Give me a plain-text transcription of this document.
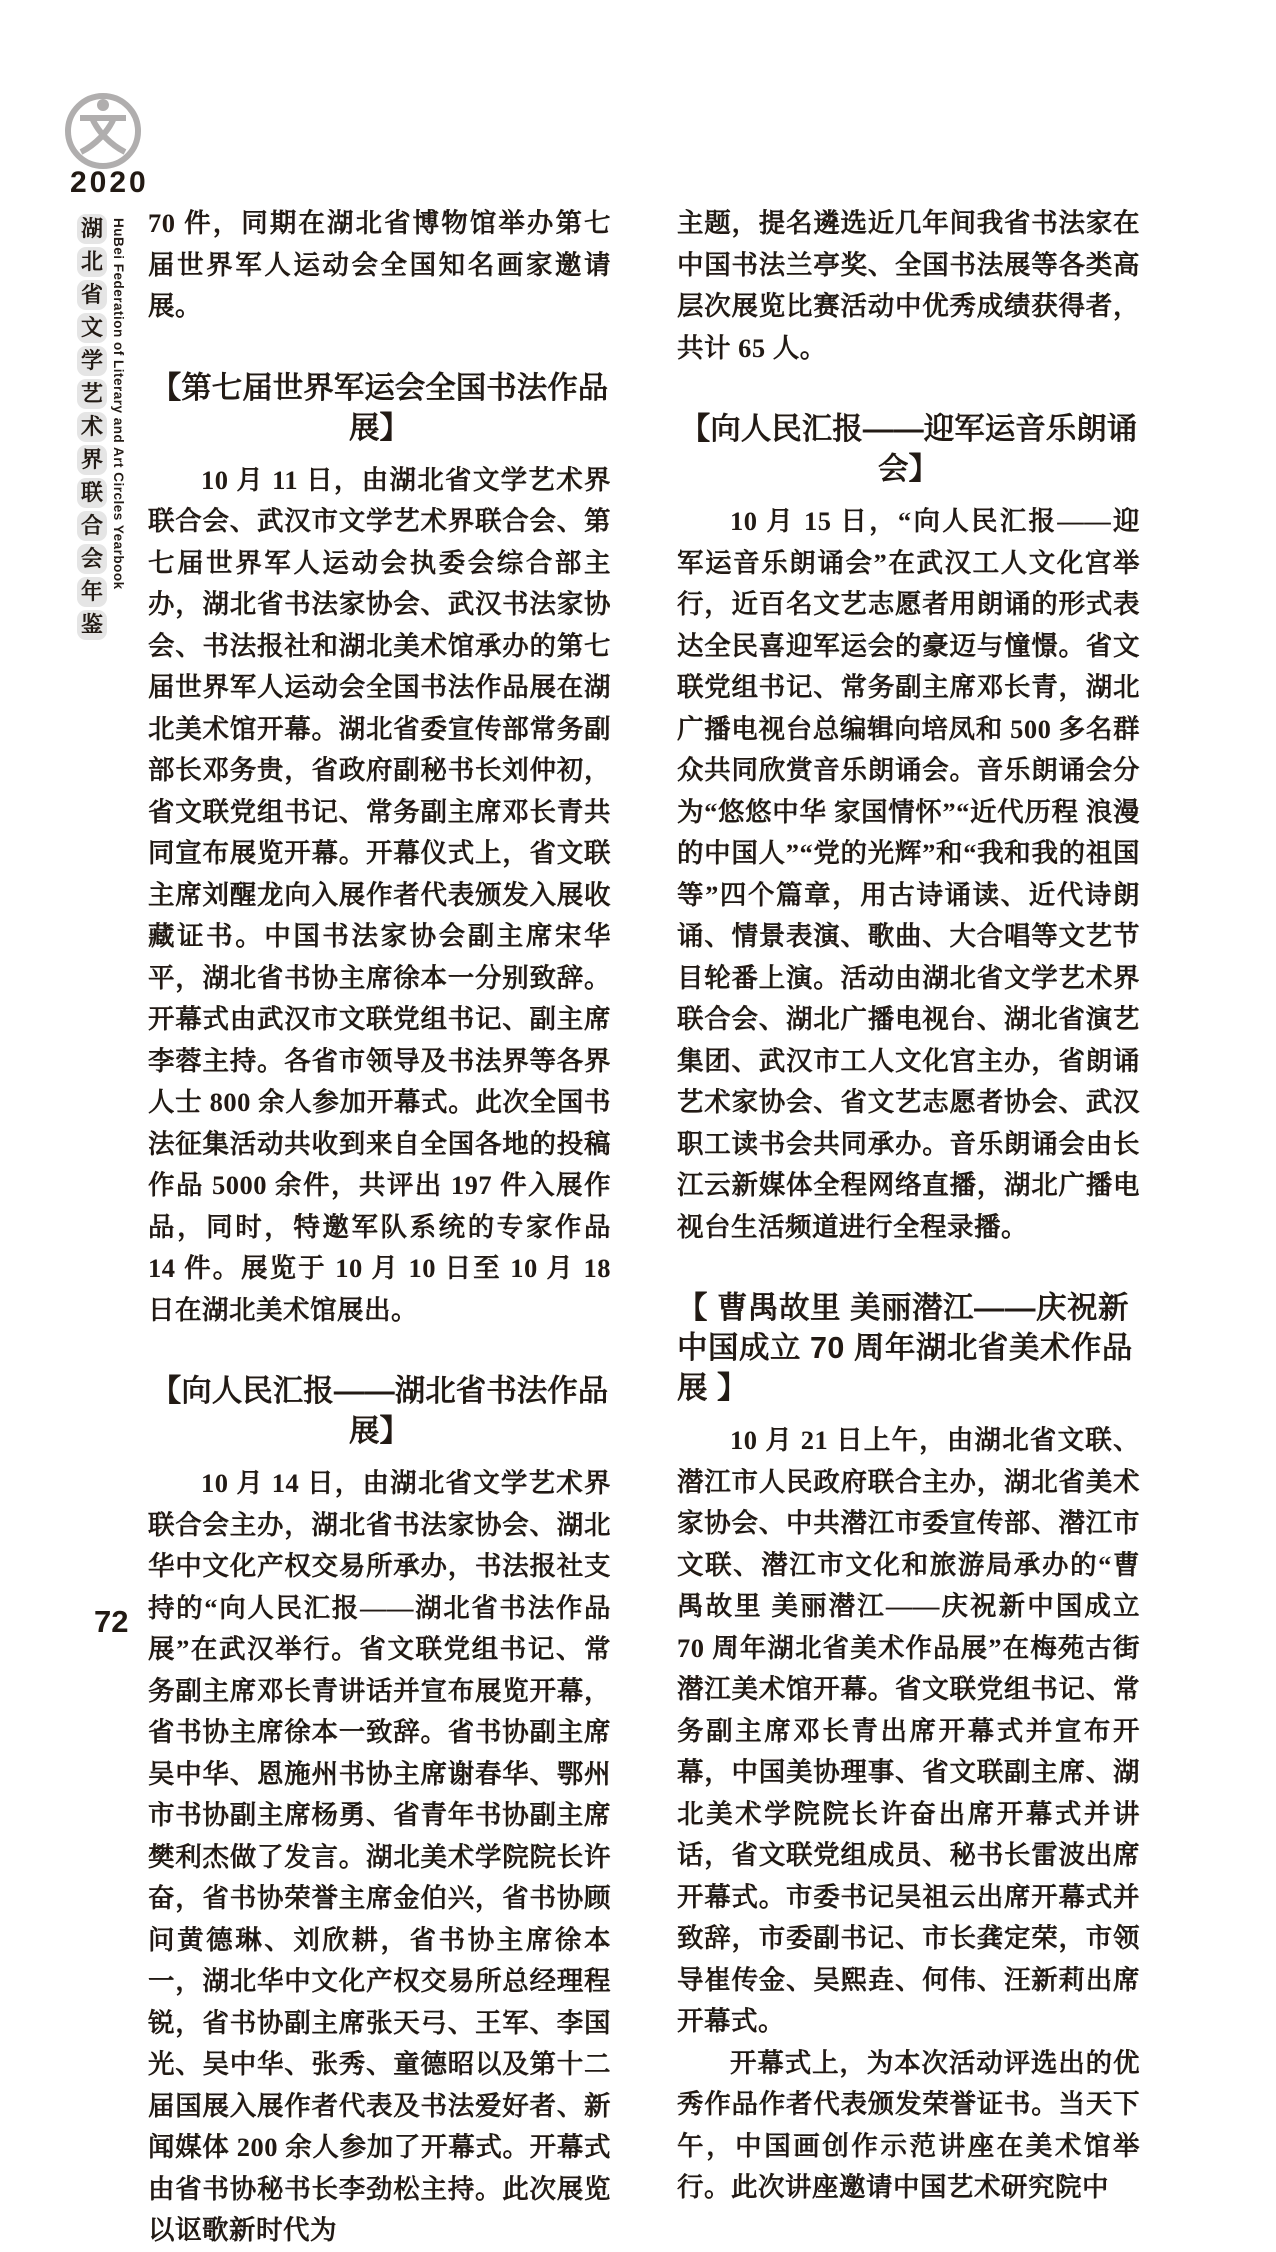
2020
湖
北
省
文
学
艺
术
界
联
合
会
年
鉴
HuBei Federation of Literary and Art Circles Yearbook 70 件，同期在湖北省博物馆举办第七届世界军人运动会全国知名画家邀请展。

【第七届世界军运会全国书法作品展】

10 月 11 日，由湖北省文学艺术界联合会、武汉市文学艺术界联合会、第七届世界军人运动会执委会综合部主办，湖北省书法家协会、武汉书法家协会、书法报社和湖北美术馆承办的第七届世界军人运动会全国书法作品展在湖北美术馆开幕。湖北省委宣传部常务副部长邓务贵，省政府副秘书长刘仲初，省文联党组书记、常务副主席邓长青共同宣布展览开幕。开幕仪式上，省文联主席刘醒龙向入展作者代表颁发入展收藏证书。中国书法家协会副主席宋华平，湖北省书协主席徐本一分别致辞。开幕式由武汉市文联党组书记、副主席李蓉主持。各省市领导及书法界等各界人士 800 余人参加开幕式。此次全国书法征集活动共收到来自全国各地的投稿作品 5000 余件，共评出 197 件入展作品，同时，特邀军队系统的专家作品 14 件。展览于 10 月 10 日至 10 月 18 日在湖北美术馆展出。

【向人民汇报——湖北省书法作品展】

10 月 14 日，由湖北省文学艺术界联合会主办，湖北省书法家协会、湖北华中文化产权交易所承办，书法报社支持的“向人民汇报——湖北省书法作品展”在武汉举行。省文联党组书记、常务副主席邓长青讲话并宣布展览开幕，省书协主席徐本一致辞。省书协副主席吴中华、恩施州书协主席谢春华、鄂州市书协副主席杨勇、省青年书协副主席樊利杰做了发言。湖北美术学院院长许奋，省书协荣誉主席金伯兴，省书协顾问黄德琳、刘欣耕，省书协主席徐本一，湖北华中文化产权交易所总经理程锐，省书协副主席张天弓、王军、李国光、吴中华、张秀、童德昭以及第十二届国展入展作者代表及书法爱好者、新闻媒体 200 余人参加了开幕式。开幕式由省书协秘书长李劲松主持。此次展览以讴歌新时代为

主题，提名遴选近几年间我省书法家在中国书法兰亭奖、全国书法展等各类高层次展览比赛活动中优秀成绩获得者，共计 65 人。

【向人民汇报——迎军运音乐朗诵会】

10 月 15 日，“向人民汇报——迎军运音乐朗诵会”在武汉工人文化宫举行，近百名文艺志愿者用朗诵的形式表达全民喜迎军运会的豪迈与憧憬。省文联党组书记、常务副主席邓长青，湖北广播电视台总编辑向培凤和 500 多名群众共同欣赏音乐朗诵会。音乐朗诵会分为“悠悠中华 家国情怀”“近代历程 浪漫的中国人”“党的光辉”和“我和我的祖国等”四个篇章，用古诗诵读、近代诗朗诵、情景表演、歌曲、大合唱等文艺节目轮番上演。活动由湖北省文学艺术界联合会、湖北广播电视台、湖北省演艺集团、武汉市工人文化宫主办，省朗诵艺术家协会、省文艺志愿者协会、武汉职工读书会共同承办。音乐朗诵会由长江云新媒体全程网络直播，湖北广播电视台生活频道进行全程录播。

【 曹禺故里 美丽潜江——庆祝新中国成立 70 周年湖北省美术作品展 】

10 月 21 日上午，由湖北省文联、潜江市人民政府联合主办，湖北省美术家协会、中共潜江市委宣传部、潜江市文联、潜江市文化和旅游局承办的“曹禺故里 美丽潜江——庆祝新中国成立 70 周年湖北省美术作品展”在梅苑古街潜江美术馆开幕。省文联党组书记、常务副主席邓长青出席开幕式并宣布开幕，中国美协理事、省文联副主席、湖北美术学院院长许奋出席开幕式并讲话，省文联党组成员、秘书长雷波出席开幕式。市委书记吴祖云出席开幕式并致辞，市委副书记、市长龚定荣，市领导崔传金、吴熙垚、何伟、汪新莉出席开幕式。

开幕式上，为本次活动评选出的优秀作品作者代表颁发荣誉证书。当天下午，中国画创作示范讲座在美术馆举行。此次讲座邀请中国艺术研究院中

72
